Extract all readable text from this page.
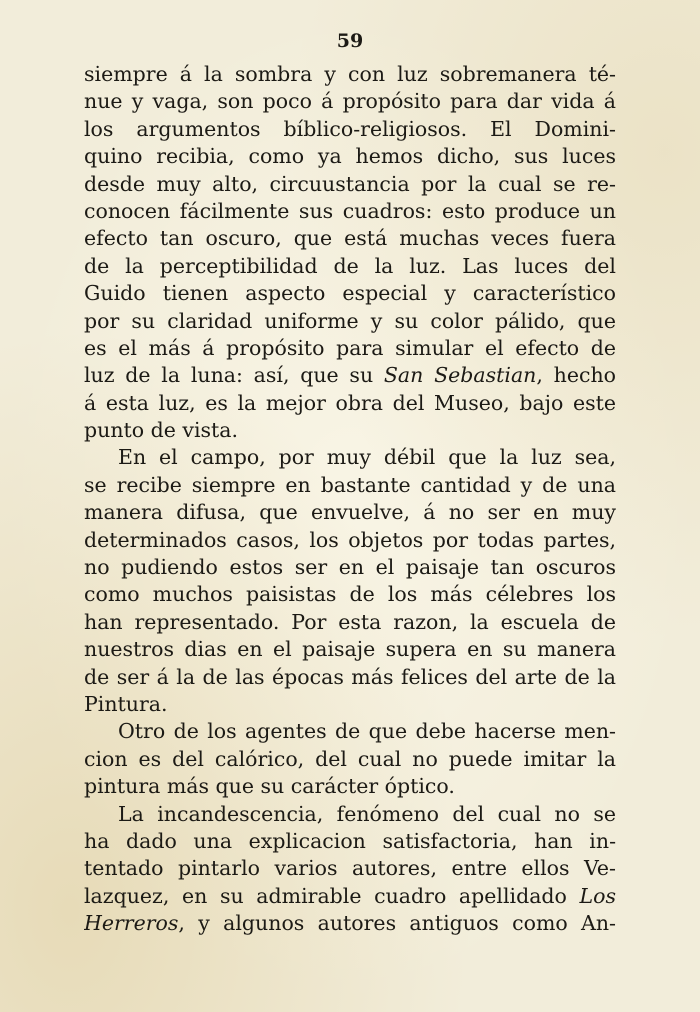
59
siempre á la sombra y con luz sobremanera té-
nue y vaga, son poco á propósito para dar vida á
los argumentos bíblico-religiosos. El Domini-
quino recibia, como ya hemos dicho, sus luces
desde muy alto, circuustancia por la cual se re-
conocen fácilmente sus cuadros: esto produce un
efecto tan oscuro, que está muchas veces fuera
de la perceptibilidad de la luz. Las luces del
Guido tienen aspecto especial y característico
por su claridad uniforme y su color pálido, que
es el más á propósito para simular el efecto de
luz de la luna: así, que su San Sebastian, hecho
á esta luz, es la mejor obra del Museo, bajo este
punto de vista.
En el campo, por muy débil que la luz sea,
se recibe siempre en bastante cantidad y de una
manera difusa, que envuelve, á no ser en muy
determinados casos, los objetos por todas partes,
no pudiendo estos ser en el paisaje tan oscuros
como muchos paisistas de los más célebres los
han representado. Por esta razon, la escuela de
nuestros dias en el paisaje supera en su manera
de ser á la de las épocas más felices del arte de la
Pintura.
Otro de los agentes de que debe hacerse men-
cion es del calórico, del cual no puede imitar la
pintura más que su carácter óptico.
La incandescencia, fenómeno del cual no se
ha dado una explicacion satisfactoria, han in-
tentado pintarlo varios autores, entre ellos Ve-
lazquez, en su admirable cuadro apellidado Los
Herreros, y algunos autores antiguos como An-
